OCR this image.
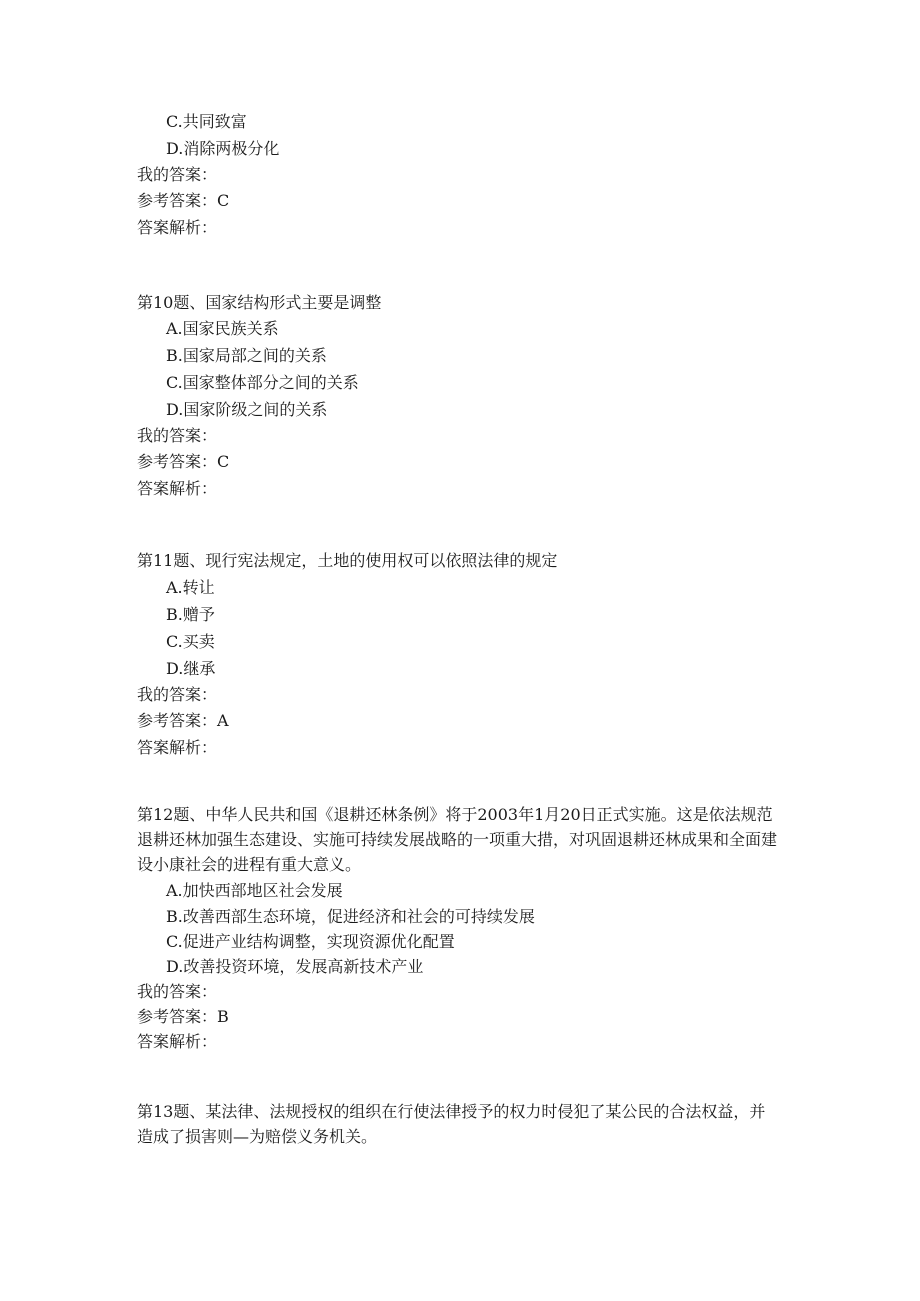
C.共同致富
D.消除两极分化
我的答案：
参考答案：C
答案解析：
第10题、国家结构形式主要是调整
A.国家民族关系
B.国家局部之间的关系
C.国家整体部分之间的关系
D.国家阶级之间的关系
我的答案：
参考答案：C
答案解析：
第11题、现行宪法规定，土地的使用权可以依照法律的规定
A.转让
B.赠予
C.买卖
D.继承
我的答案：
参考答案：A
答案解析：
第12题、中华人民共和国《退耕还林条例》将于2003年1月20日正式实施。这是依法规范退耕还林加强生态建设、实施可持续发展战略的一项重大措，对巩固退耕还林成果和全面建设小康社会的进程有重大意义。
A.加快西部地区社会发展
B.改善西部生态环境，促进经济和社会的可持续发展
C.促进产业结构调整，实现资源优化配置
D.改善投资环境，发展高新技术产业
我的答案：
参考答案：B
答案解析：
第13题、某法律、法规授权的组织在行使法律授予的权力时侵犯了某公民的合法权益，并造成了损害则—为赔偿义务机关。
